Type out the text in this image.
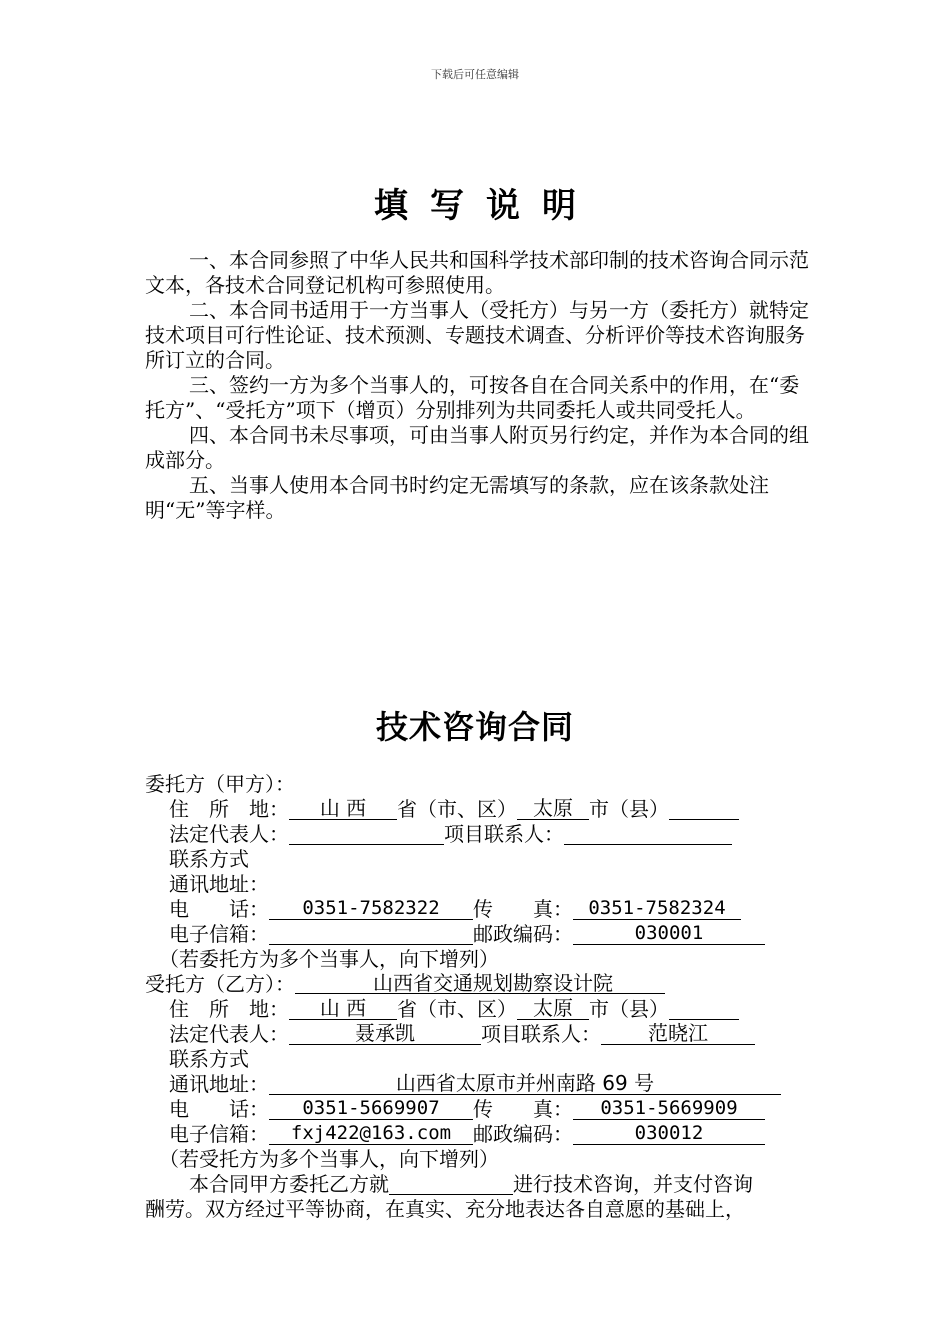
下载后可任意编辑
填写说明

一、本合同参照了中华人民共和国科学技术部印制的技术咨询合同示范文本，各技术合同登记机构可参照使用。

二、本合同书适用于一方当事人（受托方）与另一方（委托方）就特定技术项目可行性论证、技术预测、专题技术调查、分析评价等技术咨询服务所订立的合同。

三、签约一方为多个当事人的，可按各自在合同关系中的作用，在“委托方”、“受托方”项下（增页）分别排列为共同委托人或共同受托人。

四、本合同书未尽事项，可由当事人附页另行约定，并作为本合同的组成部分。

五、当事人使用本合同书时约定无需填写的条款，应在该条款处注明“无”等字样。

技术咨询合同
委托方（甲方）：
住　所　地： 山 西 省（市、区） 太原 市（县）
法定代表人：	项目联系人：
联系方式
通讯地址：
电　　话： 0351-7582322 传　　真： 0351-7582324
电子信箱：	邮政编码：	030001
（若委托方为多个当事人，向下增列）
受托方（乙方）：	山西省交通规划勘察设计院
住　所　地： 山 西 省（市、区） 太原 市（县）
法定代表人：	聂承凯	项目联系人： 范晓江
联系方式
通讯地址：	山西省太原市并州南路 69 号
电　　话： 0351-5669907 传　　真： 0351-5669909
电子信箱： fxj422@163.com 邮政编码：	030012
（若受托方为多个当事人，向下增列）

本合同甲方委托乙方就	进行技术咨询，并支付咨询

酬劳。双方经过平等协商，在真实、充分地表达各自意愿的基础上，
